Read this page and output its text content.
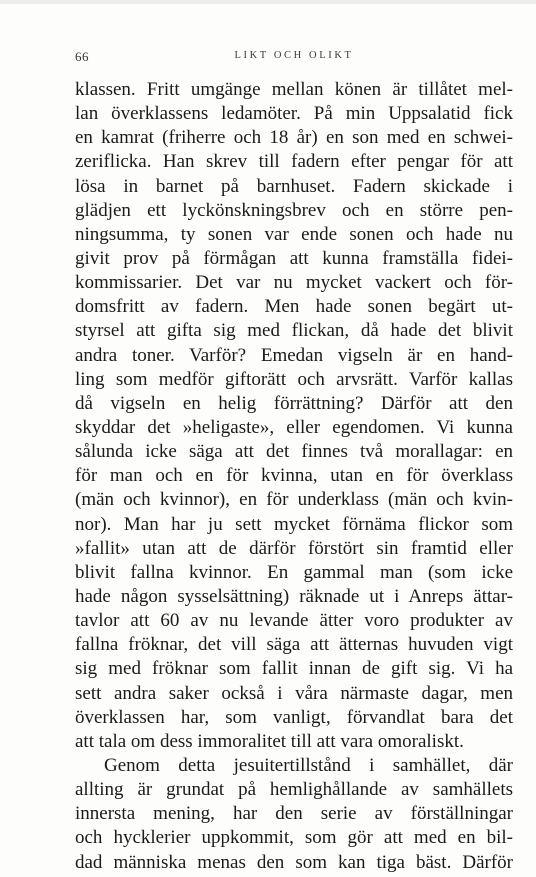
66	LIKT OCH OLIKT
klassen. Fritt umgänge mellan könen är tillåtet mel-
lan överklassens ledamöter. På min Uppsalatid fick
en kamrat (friherre och 18 år) en son med en schwei-
zeriflicka. Han skrev till fadern efter pengar för att
lösa in barnet på barnhuset. Fadern skickade i
glädjen ett lyckönskningsbrev och en större pen-
ningsumma, ty sonen var ende sonen och hade nu
givit prov på förmågan att kunna framställa fidei-
kommissarier. Det var nu mycket vackert och för-
domsfritt av fadern. Men hade sonen begärt ut-
styrsel att gifta sig med flickan, då hade det blivit
andra toner. Varför? Emedan vigseln är en hand-
ling som medför giftorätt och arvsrätt. Varför kallas
då vigseln en helig förrättning? Därför att den
skyddar det »heligaste», eller egendomen. Vi kunna
sålunda icke säga att det finnes två morallagar: en
för man och en för kvinna, utan en för överklass
(män och kvinnor), en för underklass (män och kvin-
nor). Man har ju sett mycket förnäma flickor som
»fallit» utan att de därför förstört sin framtid eller
blivit fallna kvinnor. En gammal man (som icke
hade någon sysselsättning) räknade ut i Anreps ättar-
tavlor att 60 av nu levande ätter voro produkter av
fallna fröknar, det vill säga att ätternas huvuden vigt
sig med fröknar som fallit innan de gift sig. Vi ha
sett andra saker också i våra närmaste dagar, men
överklassen har, som vanligt, förvandlat bara det
att tala om dess immoralitet till att vara omoraliskt.
Genom detta jesuitertillstånd i samhället, där
allting är grundat på hemlighållande av samhällets
innersta mening, har den serie av förställningar
och hycklerier uppkommit, som gör att med en bil-
dad människa menas den som kan tiga bäst. Därför
